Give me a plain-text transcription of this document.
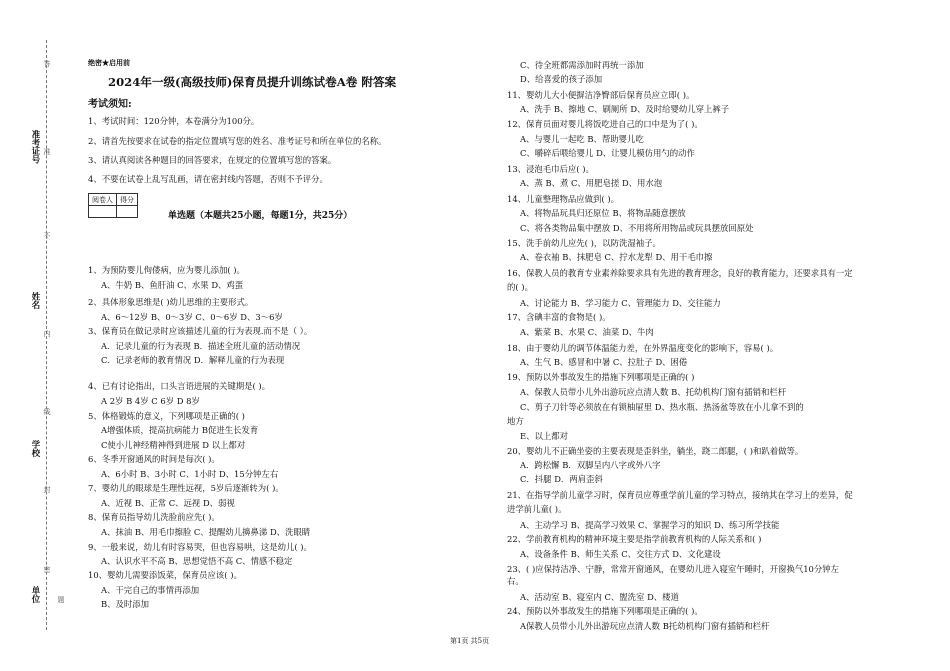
准考证号
姓名
学校
单位
答
准
不
内
线
封
密
题
绝密★启用前
2024年一级(高级技师)保育员提升训练试卷A卷 附答案
考试须知:
1、考试时间：120分钟，本卷满分为100分。
2、请首先按要求在试卷的指定位置填写您的姓名、准考证号和所在单位的名称。
3、请认真阅读各种题目的回答要求，在规定的位置填写您的答案。
4、不要在试卷上乱写乱画，请在密封线内答题，否则不予评分。
阅卷人	得分

单选题（本题共25小题，每题1分，共25分）
1、为预防婴儿佝偻病，应为婴儿添加( )。
A、牛奶 B、鱼肝油 C、水果 D、鸡蛋
2、具体形象思维是( )幼儿思维的主要形式。
A、6～12岁 B、0～3岁 C、0～6岁 D、3～6岁
3、保育员在做记录时应该描述儿童的行为表现.而不是（ ）。
A．记录儿童的行为表现 B．描述全班儿童的活动情况
C．记录老师的教育情况 D．解释儿童的行为表现
4、已有讨论指出，口头言语进展的关键期是( )。
A 2岁 B 4岁 C 6岁 D 8岁
5、体格锻炼的意义，下列哪项是正确的( )
A增强体质，提高抗病能力 B促进生长发育
C使小儿神经精神得到进展 D 以上都对
6、冬季开窗通风的时间是每次( )。
A、6小时 B、3小时 C、1小时 D、15分钟左右
7、婴幼儿的眼球是生理性远视，5岁后逐渐转为( )。
A、近视 B、正常 C、远视 D、弱视
8、保育员指导幼儿洗脸前应先( )。
A、抹油 B、用毛巾擦脸 C、提醒幼儿擤鼻涕 D、洗眼睛
9、一般来说，幼儿有时容易哭，但也容易哄，这是幼儿( )。
A、认识水平不高 B、思想觉悟不高 C、情感不稳定
10、婴幼儿需要添饭菜，保育员应该( )。
A、干完自己的事情再添加
B、及时添加
C、待全班都需添加时再统一添加
D、给喜爱的孩子添加
11、婴幼儿大小便摒洁净臀部后保育员应立即( )。
A、洗手 B、擦地 C、刷厕所 D、及时给婴幼儿穿上裤子
12、保育员面对婴儿将饭吃进自己的口中是为了( )。
A、与婴儿一起吃 B、帮助婴儿吃
C、嚼碎后喂给婴儿 D、让婴儿模仿用勺的动作
13、浸泡毛巾后应( )。
A、蒸 B、煮 C、用肥皂搓 D、用水泡
14、儿童整理物品应做到( )。
A、将物品玩具归还原位 B、将物品随意摆放
C、将各类物品集中摆放 D、不用将所用物品或玩具摆放回原处
15、洗手前幼儿应先( )，以防洗湿袖子。
A、卷衣袖 B、抹肥皂 C、拧水龙犁 D、用干毛巾擦
16、保教人员的教育专业素养除要求具有先进的教育理念，良好的教育能力，还要求具有一定
的( )。
A、讨论能力 B、学习能力 C、管理能力 D、交往能力
17、含碘丰富的食物是( )。
A、紫菜 B、水果 C、油菜 D、牛肉
18、由于婴幼儿的调节体温能力差，在外界温度变化的影响下，容易( )。
A、生气 B、感冒和中暑 C、拉肚子 D、困倦
19、预防以外事故发生的措施下列哪项是正确的( )
A、保教人员带小儿外出游玩应点清人数 B、托幼机构门窗有插销和栏杆
C、剪子刀针等必须放在有锁柚屉里 D、热水瓶、热汤盆等放在小儿拿不到的
地方
E、以上都对
20、婴幼儿不正确坐姿的主要表现是歪斜坐，躺坐，跷二郎腿，( )和趴着做等。
A．跨松懈 B．双脚呈内八字或外八字
C．抖腿 D．两肩歪斜
21、在指导学前儿童学习时，保育员应尊重学前儿童的学习特点，接纳其在学习上的差异，促
进学前儿童( )。
A、主动学习 B、提高学习效果 C、掌握学习的知识 D、练习所学技能
22、学前教育机构的精神环境主要是指学前教育机构的人际关系和( )
A、设备条件 B、师生关系 C、交往方式 D、文化建设
23、( )应保持洁净、宁静，常常开窗通风，在婴幼儿进入寝室午睡时，开窗换气10分钟左
右。
A、活动室 B、寝室内 C、盥洗室 D、楼道
24、预防以外事故发生的措施下列哪项是正确的( )。
A保教人员带小儿外出游玩应点清人数 B托幼机构门窗有插销和栏杆
第1页 共5页
